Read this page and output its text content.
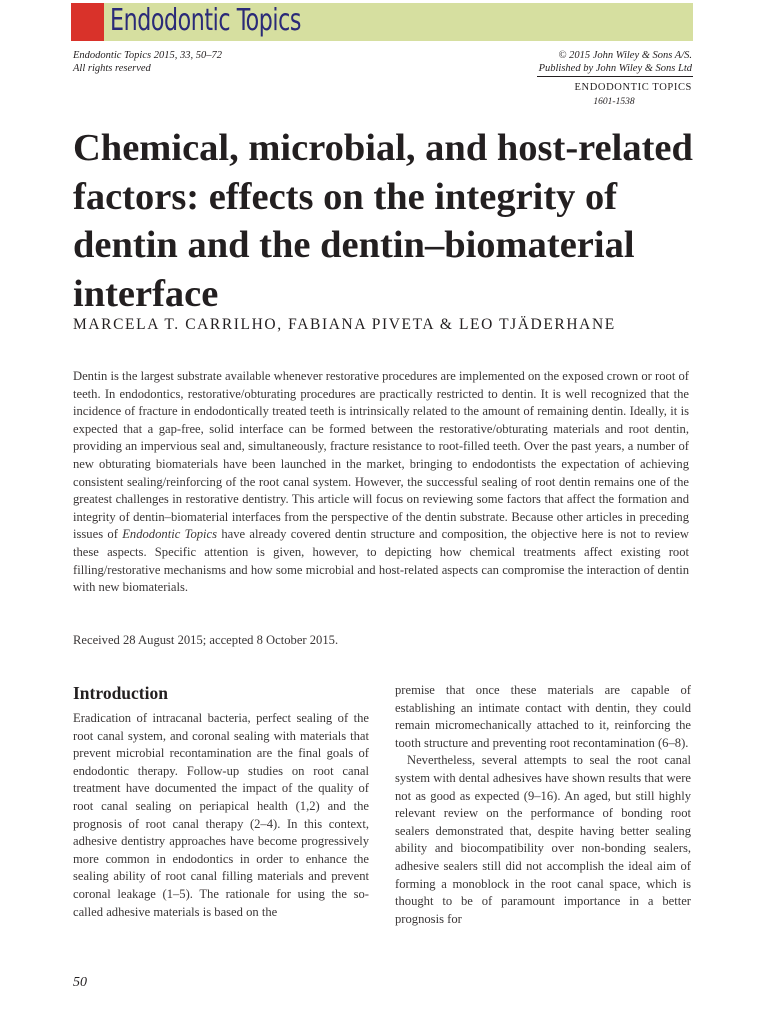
Endodontic Topics
Endodontic Topics 2015, 33, 50–72
All rights reserved
© 2015 John Wiley & Sons A/S.
Published by John Wiley & Sons Ltd
ENDODONTIC TOPICS
1601-1538
Chemical, microbial, and host-related factors: effects on the integrity of dentin and the dentin–biomaterial interface
MARCELA T. CARRILHO, FABIANA PIVETA & LEO TJÄDERHANE

Dentin is the largest substrate available whenever restorative procedures are implemented on the exposed crown or root of teeth. In endodontics, restorative/obturating procedures are practically restricted to dentin. It is well recognized that the incidence of fracture in endodontically treated teeth is intrinsically related to the amount of remaining dentin. Ideally, it is expected that a gap-free, solid interface can be formed between the restorative/obturating materials and root dentin, providing an impervious seal and, simultaneously, fracture resistance to root-filled teeth. Over the past years, a number of new obturating biomaterials have been launched in the market, bringing to endodontists the expectation of achieving consistent sealing/reinforcing of the root canal system. However, the successful sealing of root dentin remains one of the greatest challenges in restorative dentistry. This article will focus on reviewing some factors that affect the formation and integrity of dentin–biomaterial interfaces from the perspective of the dentin substrate. Because other articles in preceding issues of Endodontic Topics have already covered dentin structure and composition, the objective here is not to review these aspects. Specific attention is given, however, to depicting how chemical treatments affect existing root filling/restorative mechanisms and how some microbial and host-related aspects can compromise the interaction of dentin with new biomaterials.

Received 28 August 2015; accepted 8 October 2015.
Introduction

Eradication of intracanal bacteria, perfect sealing of the root canal system, and coronal sealing with materials that prevent microbial recontamination are the final goals of endodontic therapy. Follow-up studies on root canal treatment have documented the impact of the quality of root canal sealing on periapical health (1,2) and the prognosis of root canal therapy (2–4). In this context, adhesive dentistry approaches have become progressively more common in endodontics in order to enhance the sealing ability of root canal filling materials and prevent coronal leakage (1–5). The rationale for using the so-called adhesive materials is based on the

premise that once these materials are capable of establishing an intimate contact with dentin, they could remain micromechanically attached to it, reinforcing the tooth structure and preventing root recontamination (6–8).

Nevertheless, several attempts to seal the root canal system with dental adhesives have shown results that were not as good as expected (9–16). An aged, but still highly relevant review on the performance of bonding root sealers demonstrated that, despite having better sealing ability and biocompatibility over non-bonding sealers, adhesive sealers still did not accomplish the ideal aim of forming a monoblock in the root canal space, which is thought to be of paramount importance in a better prognosis for

50
